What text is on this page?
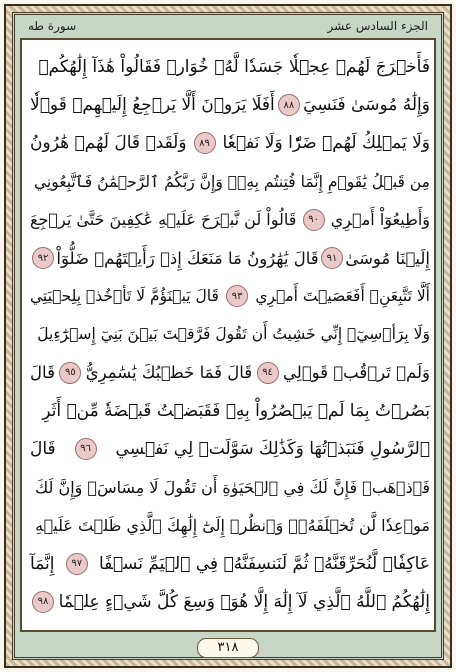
الجزء السادس عشر
سورة طه
فَأَخۡرَجَ لَهُمۡ عِجۡلٗا جَسَدٗا لَّهُۥ خُوَارٞ فَقَالُواْ هَٰذَآ إِلَٰهُكُمۡ
وَإِلَٰهُ مُوسَىٰ فَنَسِيَ
٨٨
أَفَلَا يَرَوۡنَ أَلَّا يَرۡجِعُ إِلَيۡهِمۡ قَوۡلٗا
وَلَا يَمۡلِكُ لَهُمۡ ضَرّٗا وَلَا نَفۡعٗا
٨٩
وَلَقَدۡ قَالَ لَهُمۡ هَٰرُونُ
مِن قَبۡلُ يَٰقَوۡمِ إِنَّمَا فُتِنتُم بِهِۦۖ وَإِنَّ رَبَّكُمُ ٱلرَّحۡمَٰنُ فَٱتَّبِعُونِي
وَأَطِيعُوٓاْ أَمۡرِي
٩٠
قَالُواْ لَن نَّبۡرَحَ عَلَيۡهِ عَٰكِفِينَ حَتَّىٰ يَرۡجِعَ
إِلَيۡنَا مُوسَىٰ
٩١
قَالَ يَٰهَٰرُونُ مَا مَنَعَكَ إِذۡ رَأَيۡتَهُمۡ ضَلُّوٓاْ
٩٢
أَلَّا تَتَّبِعَنِۖ أَفَعَصَيۡتَ أَمۡرِي
٩٣
قَالَ يَبۡنَؤُمَّ لَا تَأۡخُذۡ بِلِحۡيَتِي
وَلَا بِرَأۡسِيٓۖ إِنِّي خَشِيتُ أَن تَقُولَ فَرَّقۡتَ بَيۡنَ بَنِيٓ إِسۡرَٰٓءِيلَ
وَلَمۡ تَرۡقُبۡ قَوۡلِي
٩٤
قَالَ فَمَا خَطۡبُكَ يَٰسَٰمِرِيُّ
٩٥
قَالَ
بَصُرۡتُ بِمَا لَمۡ يَبۡصُرُواْ بِهِۦ فَقَبَضۡتُ قَبۡضَةٗ مِّنۡ أَثَرِ
ٱلرَّسُولِ فَنَبَذۡتُهَا وَكَذَٰلِكَ سَوَّلَتۡ لِي نَفۡسِي
٩٦
قَالَ
فَٱذۡهَبۡ فَإِنَّ لَكَ فِي ٱلۡحَيَوٰةِ أَن تَقُولَ لَا مِسَاسَۖ وَإِنَّ لَكَ
مَوۡعِدٗا لَّن تُخۡلَفَهُۥۖ وَٱنظُرۡ إِلَىٰٓ إِلَٰهِكَ ٱلَّذِي ظَلۡتَ عَلَيۡهِ
عَاكِفٗاۖ لَّنُحَرِّقَنَّهُۥ ثُمَّ لَنَنسِفَنَّهُۥ فِي ٱلۡيَمِّ نَسۡفًا
٩٧
إِنَّمَآ
إِلَٰهُكُمُ ٱللَّهُ ٱلَّذِي لَآ إِلَٰهَ إِلَّا هُوَۚ وَسِعَ كُلَّ شَيۡءٍ عِلۡمٗا
٩٨
٣١٨
